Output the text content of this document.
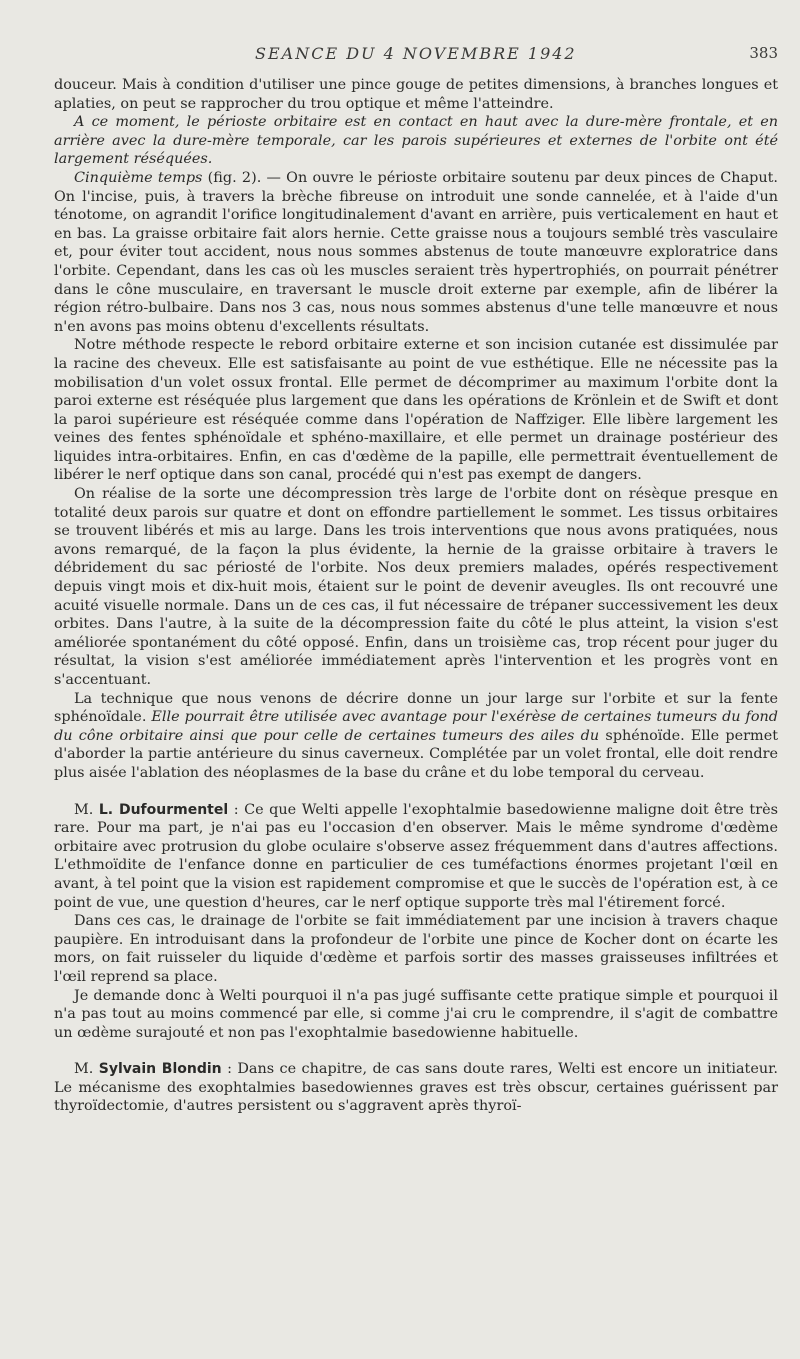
SEANCE DU 4 NOVEMBRE 1942	383

douceur. Mais à condition d'utiliser une pince gouge de petites dimensions, à branches longues et aplaties, on peut se rapprocher du trou optique et même l'atteindre.

A ce moment, le périoste orbitaire est en contact en haut avec la dure-mère frontale, et en arrière avec la dure-mère temporale, car les parois supérieures et externes de l'orbite ont été largement réséquées.

Cinquième temps (fig. 2). — On ouvre le périoste orbitaire soutenu par deux pinces de Chaput. On l'incise, puis, à travers la brèche fibreuse on introduit une sonde cannelée, et à l'aide d'un ténotome, on agrandit l'orifice longitudinalement d'avant en arrière, puis verticalement en haut et en bas. La graisse orbitaire fait alors hernie. Cette graisse nous a toujours semblé très vasculaire et, pour éviter tout accident, nous nous sommes abstenus de toute manœuvre exploratrice dans l'orbite. Cependant, dans les cas où les muscles seraient très hypertrophiés, on pourrait pénétrer dans le cône musculaire, en traversant le muscle droit externe par exemple, afin de libérer la région rétro-bulbaire. Dans nos 3 cas, nous nous sommes abstenus d'une telle manœuvre et nous n'en avons pas moins obtenu d'excellents résultats.

Notre méthode respecte le rebord orbitaire externe et son incision cutanée est dissimulée par la racine des cheveux. Elle est satisfaisante au point de vue esthétique. Elle ne nécessite pas la mobilisation d'un volet ossux frontal. Elle permet de décomprimer au maximum l'orbite dont la paroi externe est réséquée plus largement que dans les opérations de Krönlein et de Swift et dont la paroi supérieure est réséquée comme dans l'opération de Naffziger. Elle libère largement les veines des fentes sphénoïdale et sphéno-maxillaire, et elle permet un drainage postérieur des liquides intra-orbitaires. Enfin, en cas d'œdème de la papille, elle permettrait éventuellement de libérer le nerf optique dans son canal, procédé qui n'est pas exempt de dangers.

On réalise de la sorte une décompression très large de l'orbite dont on résèque presque en totalité deux parois sur quatre et dont on effondre partiellement le sommet. Les tissus orbitaires se trouvent libérés et mis au large. Dans les trois interventions que nous avons pratiquées, nous avons remarqué, de la façon la plus évidente, la hernie de la graisse orbitaire à travers le débridement du sac périosté de l'orbite. Nos deux premiers malades, opérés respectivement depuis vingt mois et dix-huit mois, étaient sur le point de devenir aveugles. Ils ont recouvré une acuité visuelle normale. Dans un de ces cas, il fut nécessaire de trépaner successivement les deux orbites. Dans l'autre, à la suite de la décompression faite du côté le plus atteint, la vision s'est améliorée spontanément du côté opposé. Enfin, dans un troisième cas, trop récent pour juger du résultat, la vision s'est améliorée immédiatement après l'intervention et les progrès vont en s'accentuant.

La technique que nous venons de décrire donne un jour large sur l'orbite et sur la fente sphénoïdale. Elle pourrait être utilisée avec avantage pour l'exérèse de certaines tumeurs du fond du cône orbitaire ainsi que pour celle de certaines tumeurs des ailes du sphénoïde. Elle permet d'aborder la partie antérieure du sinus caverneux. Complétée par un volet frontal, elle doit rendre plus aisée l'ablation des néoplasmes de la base du crâne et du lobe temporal du cerveau.

M. L. Dufourmentel : Ce que Welti appelle l'exophtalmie basedowienne maligne doit être très rare. Pour ma part, je n'ai pas eu l'occasion d'en observer. Mais le même syndrome d'œdème orbitaire avec protrusion du globe oculaire s'observe assez fréquemment dans d'autres affections. L'ethmoïdite de l'enfance donne en particulier de ces tuméfactions énormes projetant l'œil en avant, à tel point que la vision est rapidement compromise et que le succès de l'opération est, à ce point de vue, une question d'heures, car le nerf optique supporte très mal l'étirement forcé.

Dans ces cas, le drainage de l'orbite se fait immédiatement par une incision à travers chaque paupière. En introduisant dans la profondeur de l'orbite une pince de Kocher dont on écarte les mors, on fait ruisseler du liquide d'œdème et parfois sortir des masses graisseuses infiltrées et l'œil reprend sa place.

Je demande donc à Welti pourquoi il n'a pas jugé suffisante cette pratique simple et pourquoi il n'a pas tout au moins commencé par elle, si comme j'ai cru le comprendre, il s'agit de combattre un œdème surajouté et non pas l'exophtalmie basedowienne habituelle.

M. Sylvain Blondin : Dans ce chapitre, de cas sans doute rares, Welti est encore un initiateur. Le mécanisme des exophtalmies basedowiennes graves est très obscur, certaines guérissent par thyroïdectomie, d'autres persistent ou s'aggravent après thyroï-
